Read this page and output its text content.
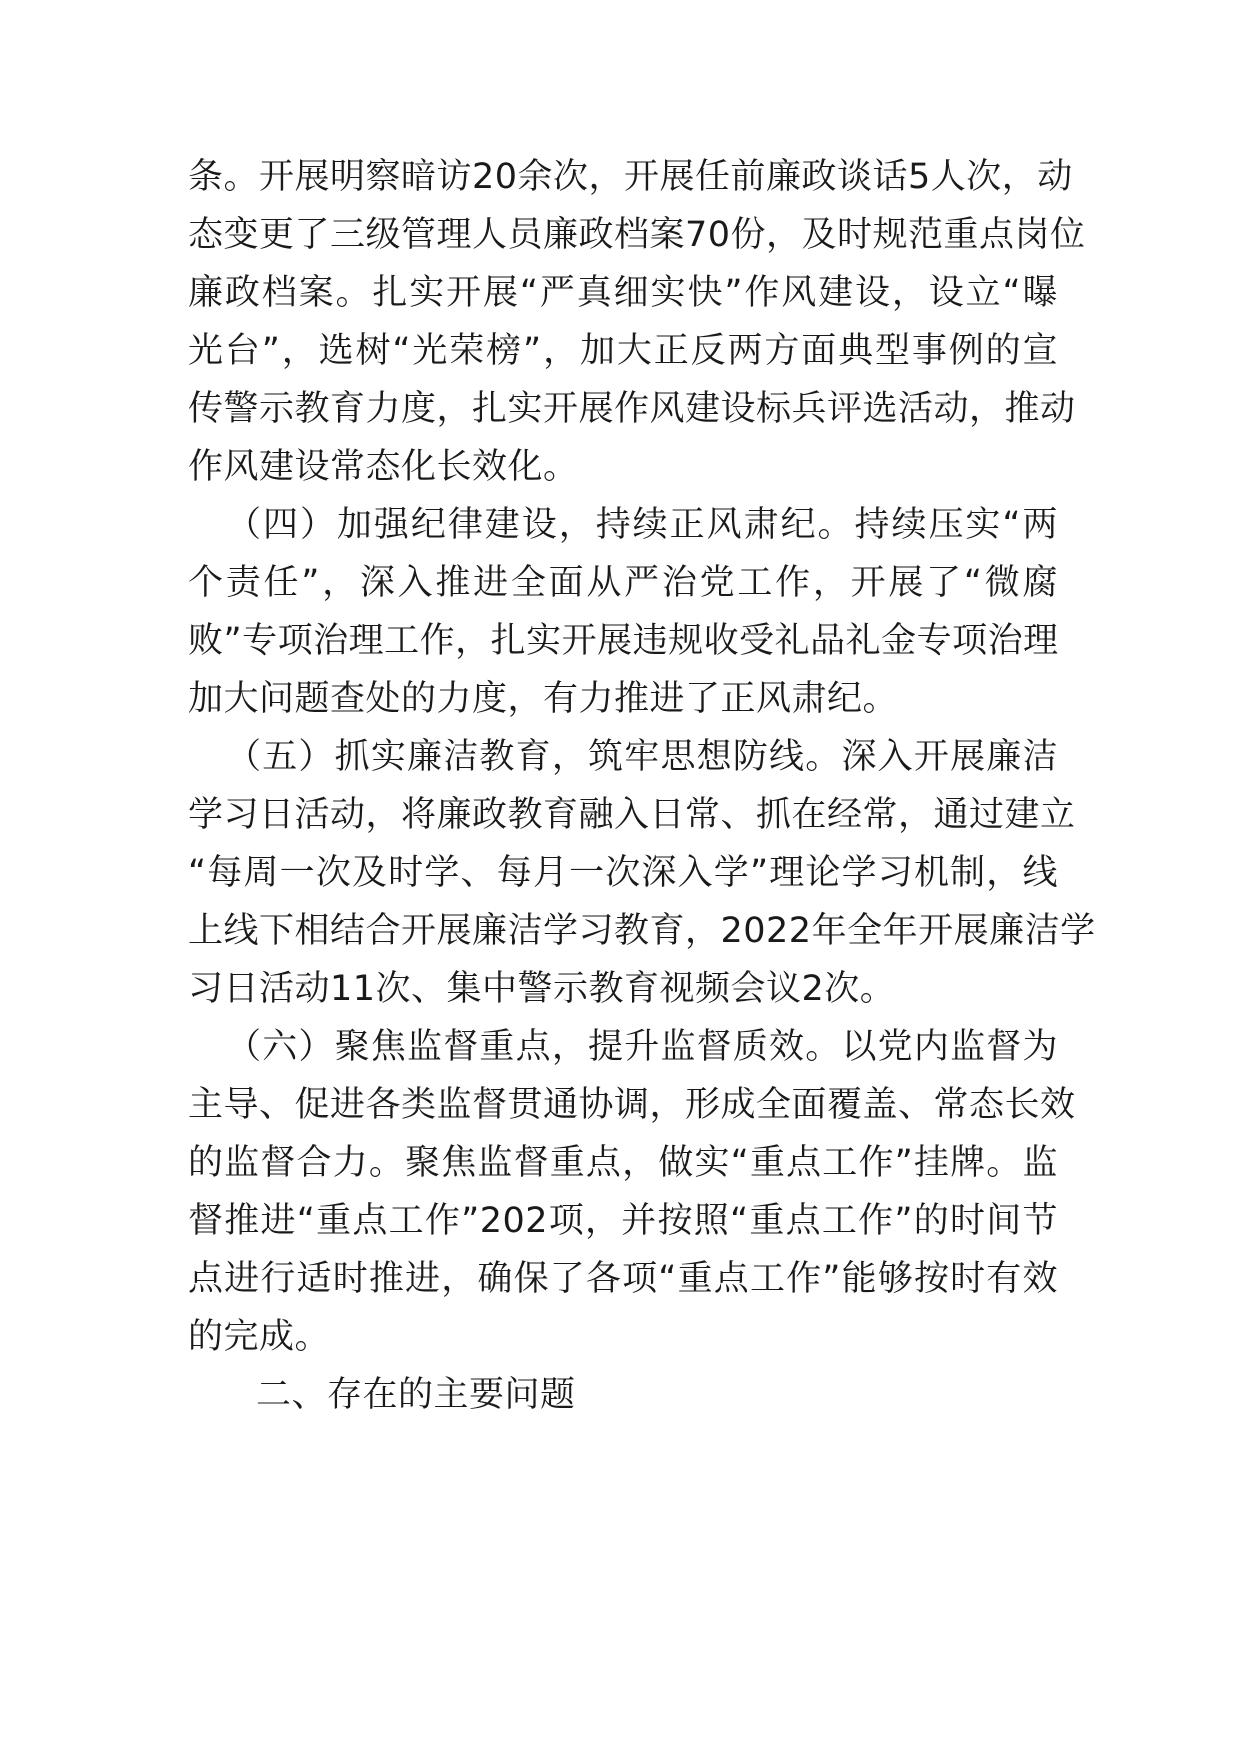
条。开展明察暗访20余次，开展任前廉政谈话5人次，动
态变更了三级管理人员廉政档案70份，及时规范重点岗位
廉政档案。扎实开展“严真细实快”作风建设，设立“曝
光台”，选树“光荣榜”，加大正反两方面典型事例的宣
传警示教育力度，扎实开展作风建设标兵评选活动，推动
作风建设常态化长效化。
（四）加强纪律建设，持续正风肃纪。持续压实“两
个责任”，深入推进全面从严治党工作，开展了“微腐
败”专项治理工作，扎实开展违规收受礼品礼金专项治理
加大问题查处的力度，有力推进了正风肃纪。
（五）抓实廉洁教育，筑牢思想防线。深入开展廉洁
学习日活动，将廉政教育融入日常、抓在经常，通过建立
“每周一次及时学、每月一次深入学”理论学习机制，线
上线下相结合开展廉洁学习教育，2022年全年开展廉洁学
习日活动11次、集中警示教育视频会议2次。
（六）聚焦监督重点，提升监督质效。以党内监督为
主导、促进各类监督贯通协调，形成全面覆盖、常态长效
的监督合力。聚焦监督重点，做实“重点工作”挂牌。监
督推进“重点工作”202项，并按照“重点工作”的时间节
点进行适时推进，确保了各项“重点工作”能够按时有效
的完成。
二、存在的主要问题
